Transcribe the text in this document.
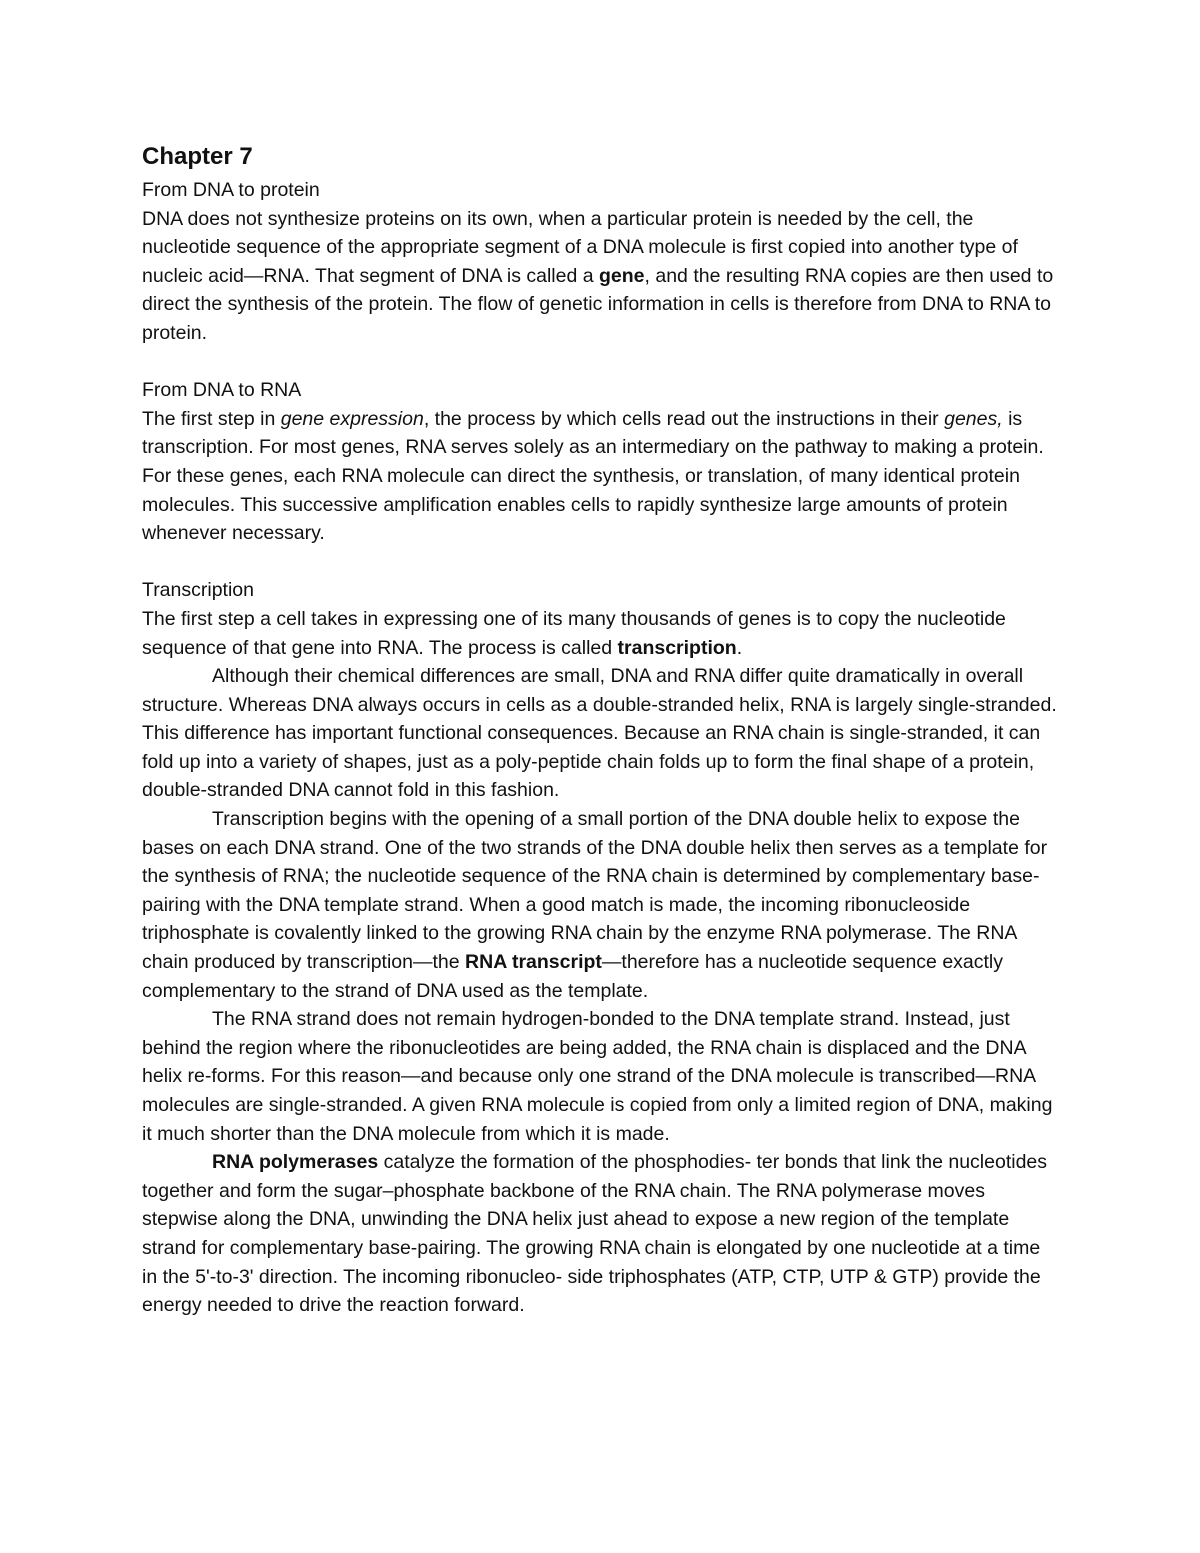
Chapter 7
From DNA to protein

DNA does not synthesize proteins on its own, when a particular protein is needed by the cell, the nucleotide sequence of the appropriate segment of a DNA molecule is first copied into another type of nucleic acid—RNA. That segment of DNA is called a gene, and the resulting RNA copies are then used to direct the synthesis of the protein. The flow of genetic information in cells is therefore from DNA to RNA to protein.

From DNA to RNA

The first step in gene expression, the process by which cells read out the instructions in their genes, is transcription. For most genes, RNA serves solely as an intermediary on the pathway to making a protein. For these genes, each RNA molecule can direct the synthesis, or translation, of many identical protein molecules. This successive amplification enables cells to rapidly synthesize large amounts of protein whenever necessary.

Transcription

The first step a cell takes in expressing one of its many thousands of genes is to copy the nucleotide sequence of that gene into RNA. The process is called transcription.

Although their chemical differences are small, DNA and RNA differ quite dramatically in overall structure. Whereas DNA always occurs in cells as a double-stranded helix, RNA is largely single-stranded. This difference has important functional consequences. Because an RNA chain is single-stranded, it can fold up into a variety of shapes, just as a poly-peptide chain folds up to form the final shape of a protein, double-stranded DNA cannot fold in this fashion.

Transcription begins with the opening of a small portion of the DNA double helix to expose the bases on each DNA strand. One of the two strands of the DNA double helix then serves as a template for the synthesis of RNA; the nucleotide sequence of the RNA chain is determined by complementary base-pairing with the DNA template strand. When a good match is made, the incoming ribonucleoside triphosphate is covalently linked to the growing RNA chain by the enzyme RNA polymerase. The RNA chain produced by transcription—the RNA transcript—therefore has a nucleotide sequence exactly complementary to the strand of DNA used as the template.

The RNA strand does not remain hydrogen-bonded to the DNA template strand. Instead, just behind the region where the ribonucleotides are being added, the RNA chain is displaced and the DNA helix re-forms. For this reason—and because only one strand of the DNA molecule is transcribed—RNA molecules are single-stranded. A given RNA molecule is copied from only a limited region of DNA, making it much shorter than the DNA molecule from which it is made.

RNA polymerases catalyze the formation of the phosphodies- ter bonds that link the nucleotides together and form the sugar–phosphate backbone of the RNA chain. The RNA polymerase moves stepwise along the DNA, unwinding the DNA helix just ahead to expose a new region of the template strand for complementary base-pairing. The growing RNA chain is elongated by one nucleotide at a time in the 5'-to-3' direction. The incoming ribonucleo- side triphosphates (ATP, CTP, UTP & GTP) provide the energy needed to drive the reaction forward.
